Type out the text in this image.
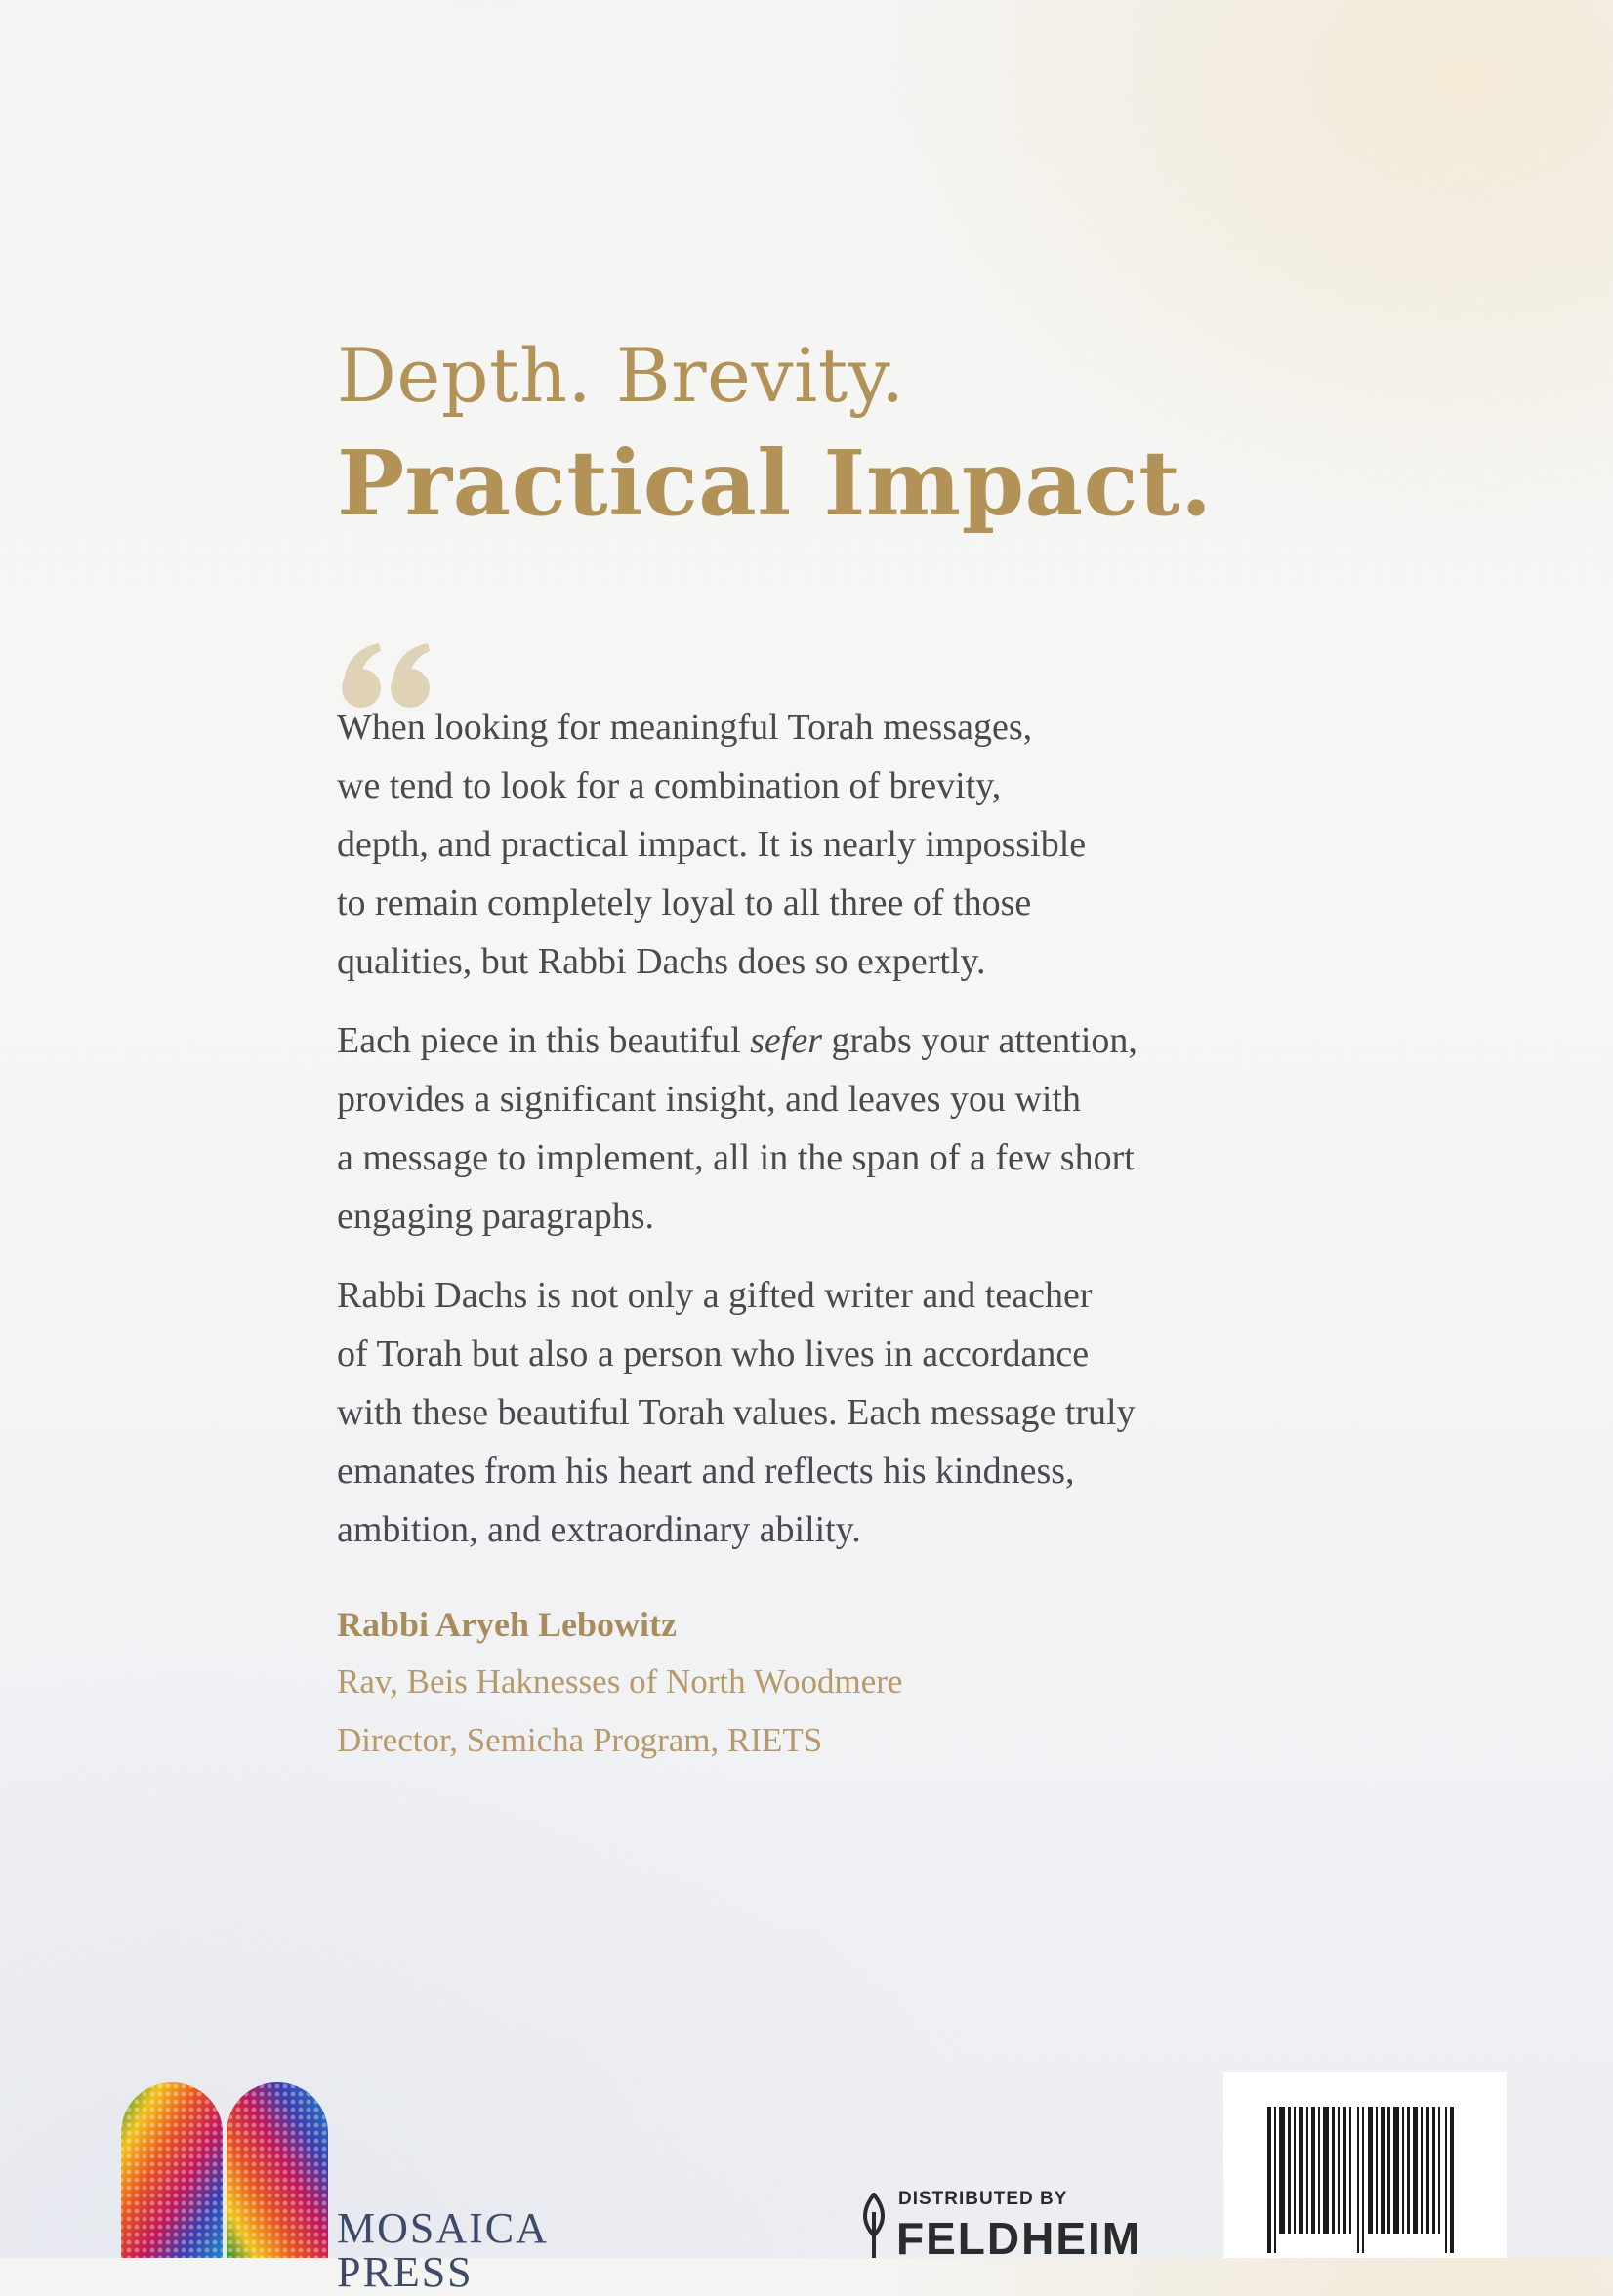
Depth. Brevity.
Practical Impact.

When looking for meaningful Torah messages,
we tend to look for a combination of brevity,
depth, and practical impact. It is nearly impossible
to remain completely loyal to all three of those
qualities, but Rabbi Dachs does so expertly.

Each piece in this beautiful sefer grabs your attention,
provides a significant insight, and leaves you with
a message to implement, all in the span of a few short
engaging paragraphs.

Rabbi Dachs is not only a gifted writer and teacher
of Torah but also a person who lives in accordance
with these beautiful Torah values. Each message truly
emanates from his heart and reflects his kindness,
ambition, and extraordinary ability.

Rabbi Aryeh Lebowitz
Rav, Beis Haknesses of North Woodmere
Director, Semicha Program, RIETS
MOSAICA
PRESS
DISTRIBUTED BY
FELDHEIM
